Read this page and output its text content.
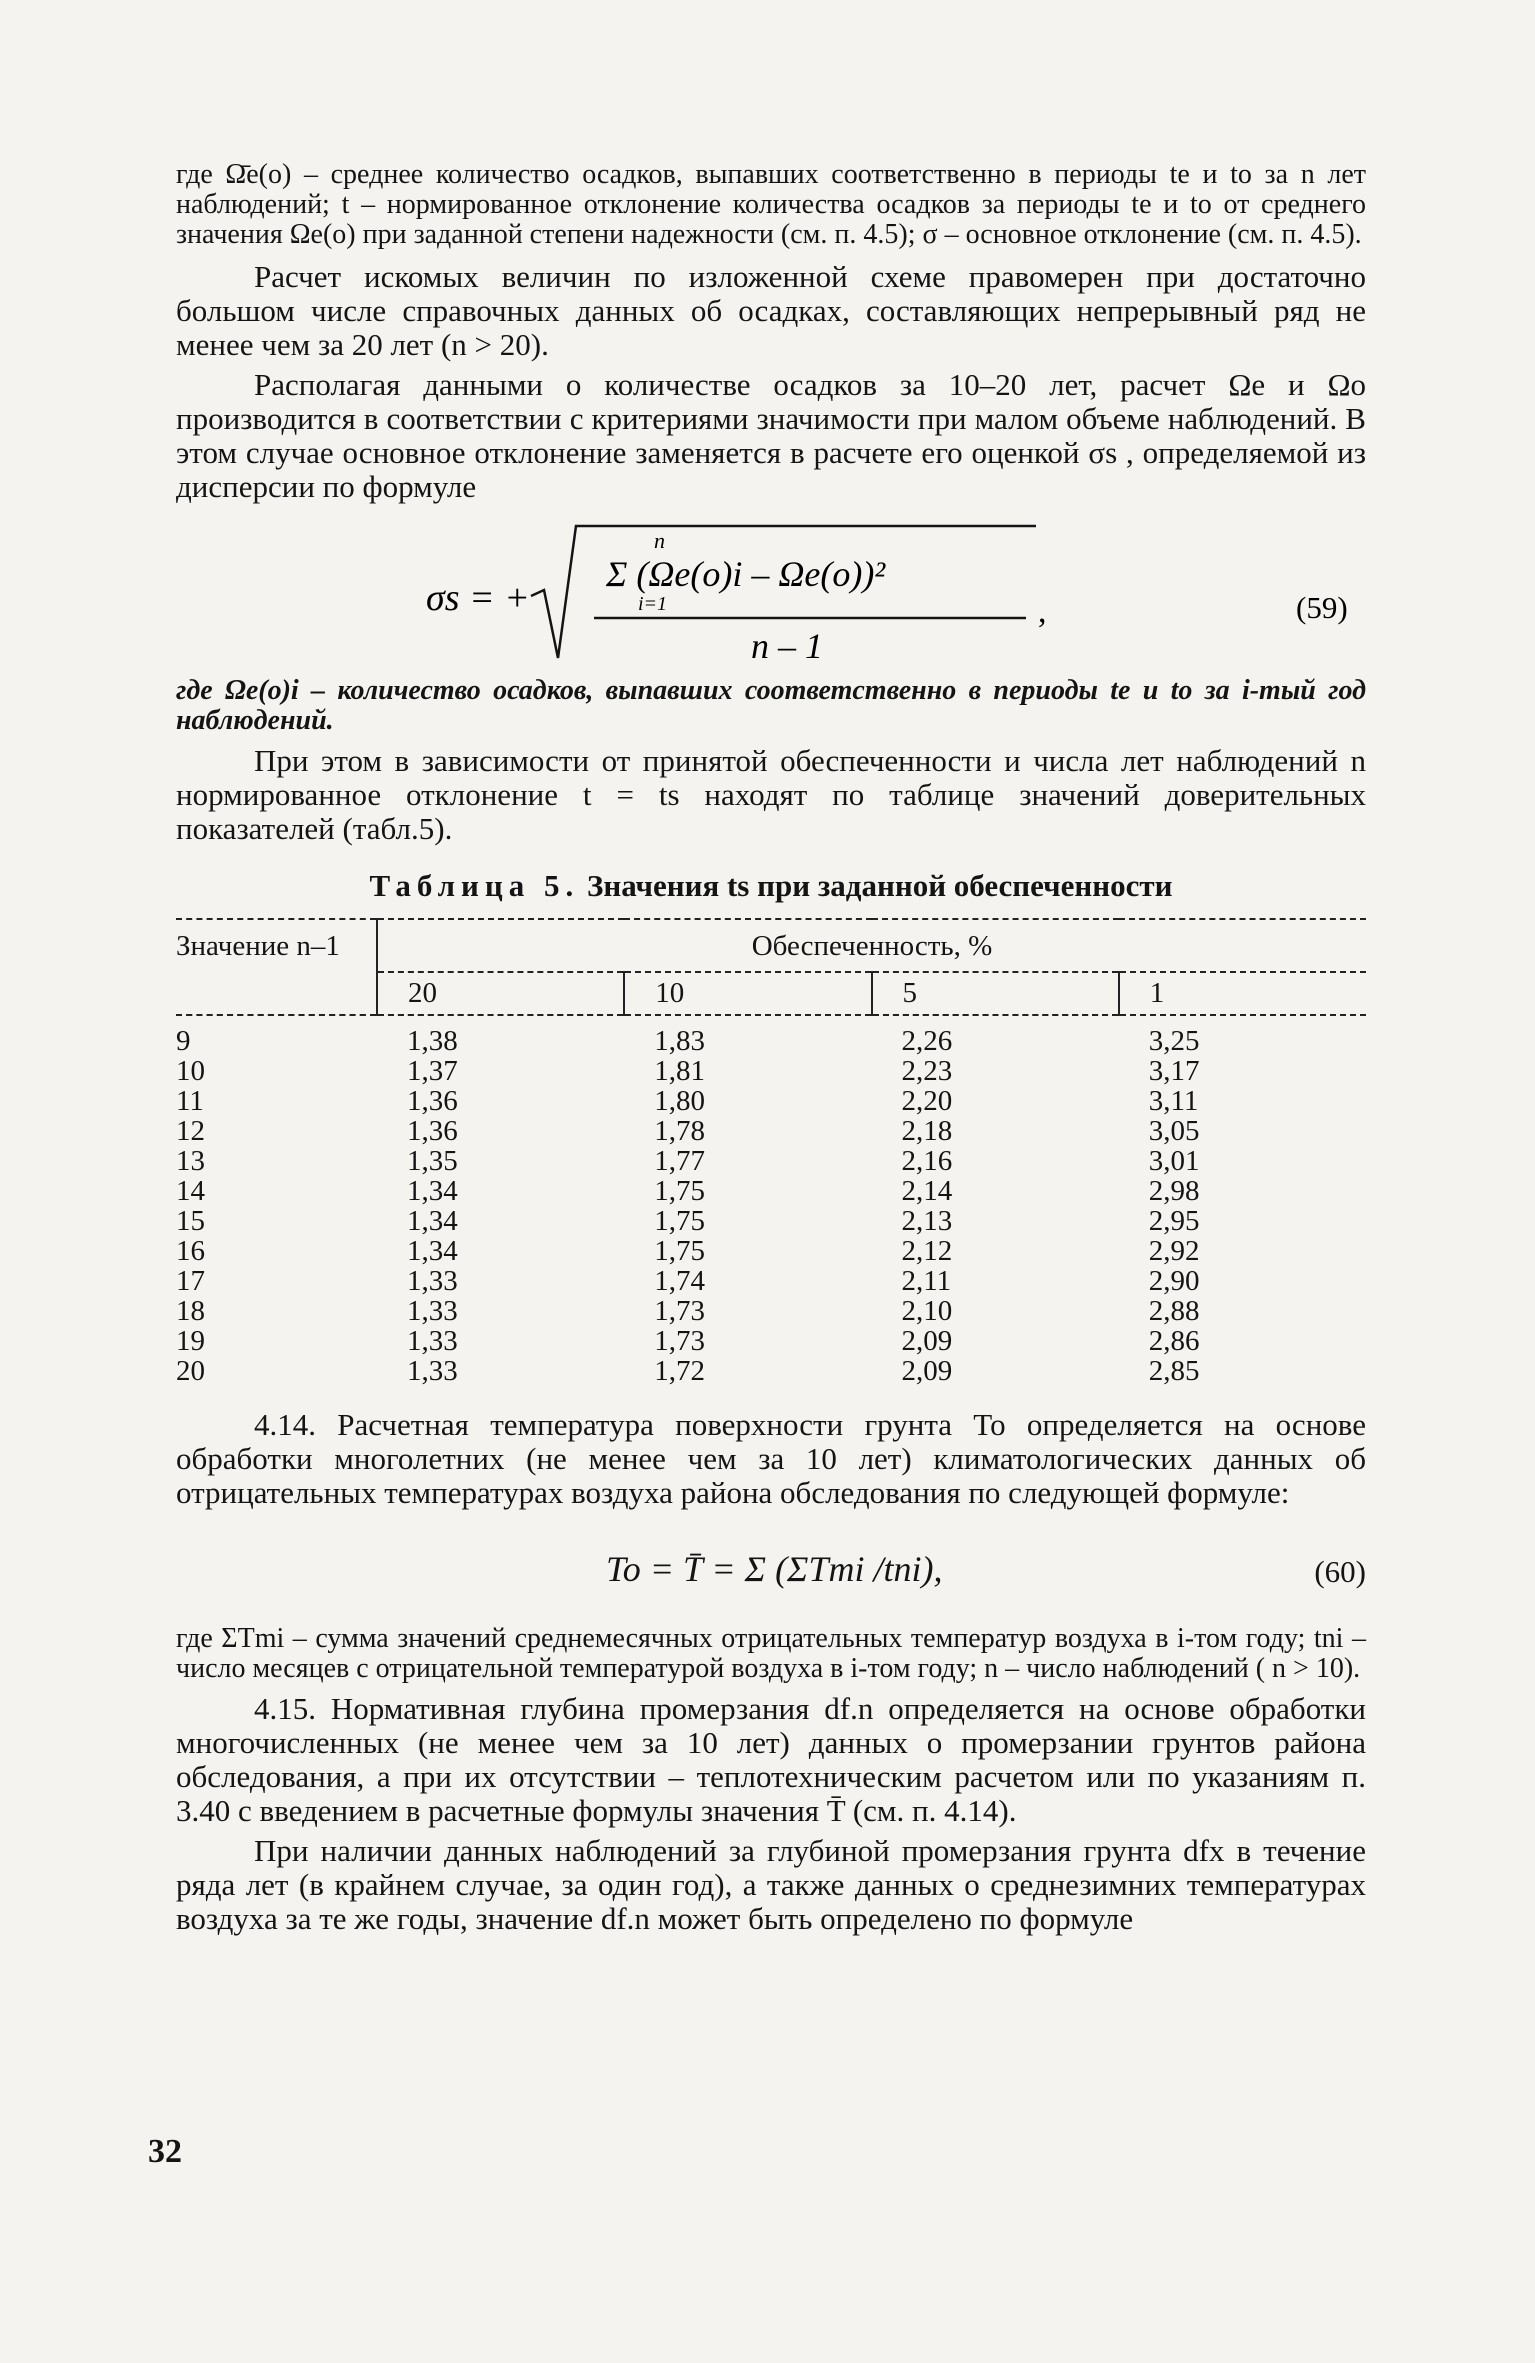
где Ω̄e(o) – среднее количество осадков, выпавших соответственно в периоды te и to за n лет наблюдений; t – нормированное отклонение количества осадков за периоды te и to от среднего значения Ωe(o) при заданной степени надежности (см. п. 4.5); σ – основное отклонение (см. п. 4.5).

Расчет искомых величин по изложенной схеме правомерен при достаточно большом числе справочных данных об осадках, составляющих непрерывный ряд не менее чем за 20 лет (n > 20).

Располагая данными о количестве осадков за 10–20 лет, расчет Ωe и Ωo производится в соответствии с критериями значимости при малом объеме наблюдений. В этом случае основное отклонение заменяется в расчете его оценкой σs , определяемой из дисперсии по формуле

σs = +
n
Σ (Ωe(o)i – Ωe(o))²
i=1
n – 1
,	(59)

где Ωe(o)i – количество осадков, выпавших соответственно в периоды te и to за i-тый год наблюдений.

При этом в зависимости от принятой обеспеченности и числа лет наблюдений n нормированное отклонение t = ts находят по таблице значений доверительных показателей (табл.5).

Таблица 5. Значения ts при заданной обеспеченности
Значение n–1	Обеспеченность, %			
	20	10	5	1
9	1,38	1,83	2,26	3,25
10	1,37	1,81	2,23	3,17
11	1,36	1,80	2,20	3,11
12	1,36	1,78	2,18	3,05
13	1,35	1,77	2,16	3,01
14	1,34	1,75	2,14	2,98
15	1,34	1,75	2,13	2,95
16	1,34	1,75	2,12	2,92
17	1,33	1,74	2,11	2,90
18	1,33	1,73	2,10	2,88
19	1,33	1,73	2,09	2,86
20	1,33	1,72	2,09	2,85

4.14. Расчетная температура поверхности грунта To определяется на основе обработки многолетних (не менее чем за 10 лет) климатологических данных об отрицательных температурах воздуха района обследования по следующей формуле:

To = T̄ = Σ (ΣTmi /tni),	(60)

где ΣTmi – сумма значений среднемесячных отрицательных температур воздуха в i-том году; tni – число месяцев с отрицательной температурой воздуха в i-том году; n – число наблюдений ( n > 10).

4.15. Нормативная глубина промерзания df.n определяется на основе обработки многочисленных (не менее чем за 10 лет) данных о промерзании грунтов района обследования, а при их отсутствии – теплотехническим расчетом или по указаниям п. 3.40 с введением в расчетные формулы значения T̄ (см. п. 4.14).

При наличии данных наблюдений за глубиной промерзания грунта dfx в течение ряда лет (в крайнем случае, за один год), а также данных о среднезимних температурах воздуха за те же годы, значение df.n может быть определено по формуле

32
